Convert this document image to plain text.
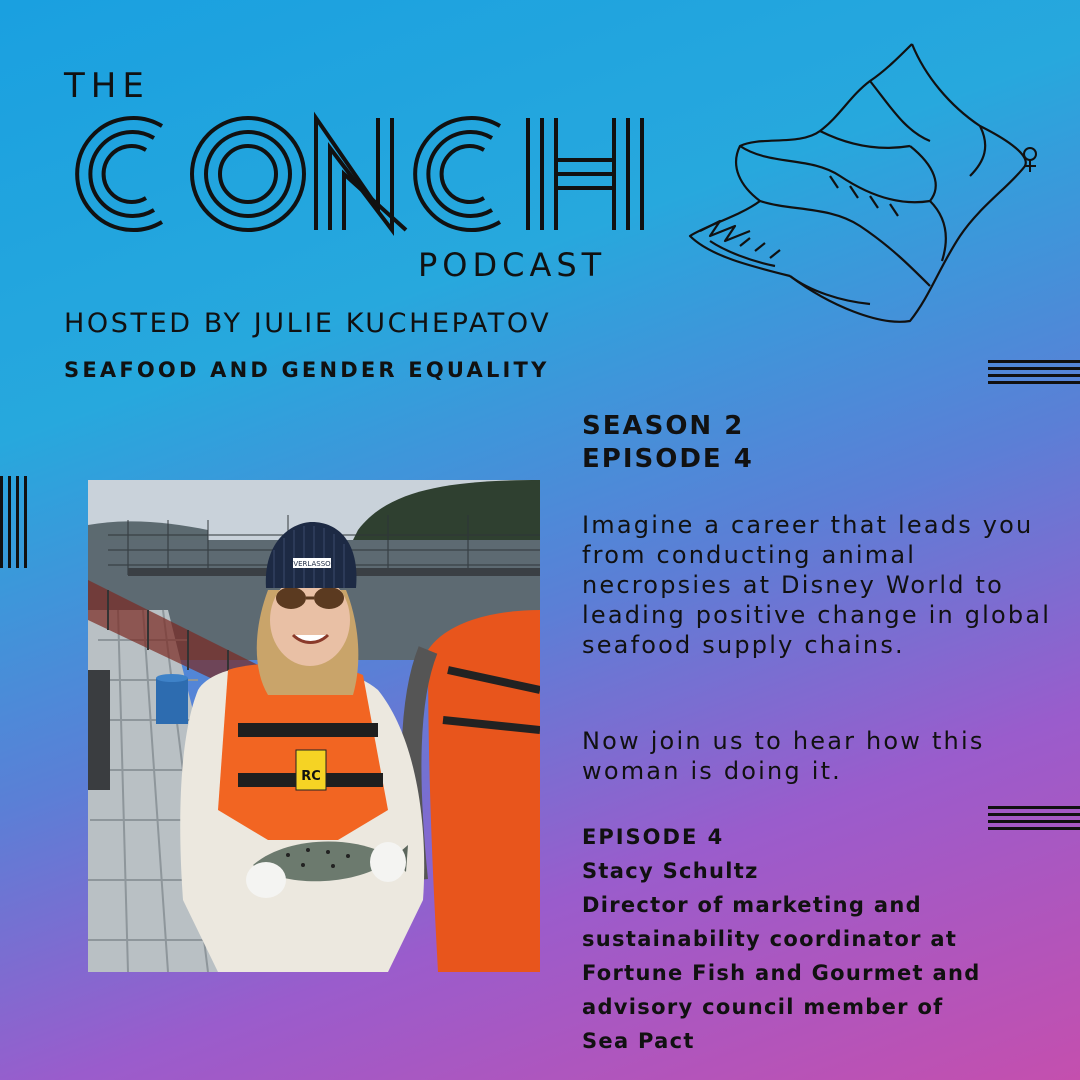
THE
PODCAST
HOSTED BY JULIE KUCHEPATOV
SEAFOOD AND GENDER EQUALITY
RC
VERLASSO
SEASON 2
EPISODE 4
Imagine a career that leads you from conducting animal necropsies at Disney World to leading positive change in global seafood supply chains.
Now join us to hear how this woman is doing it.
EPISODE 4
Stacy Schultz
Director of marketing and
sustainability coordinator at
Fortune Fish and Gourmet and
advisory council member of
Sea Pact
